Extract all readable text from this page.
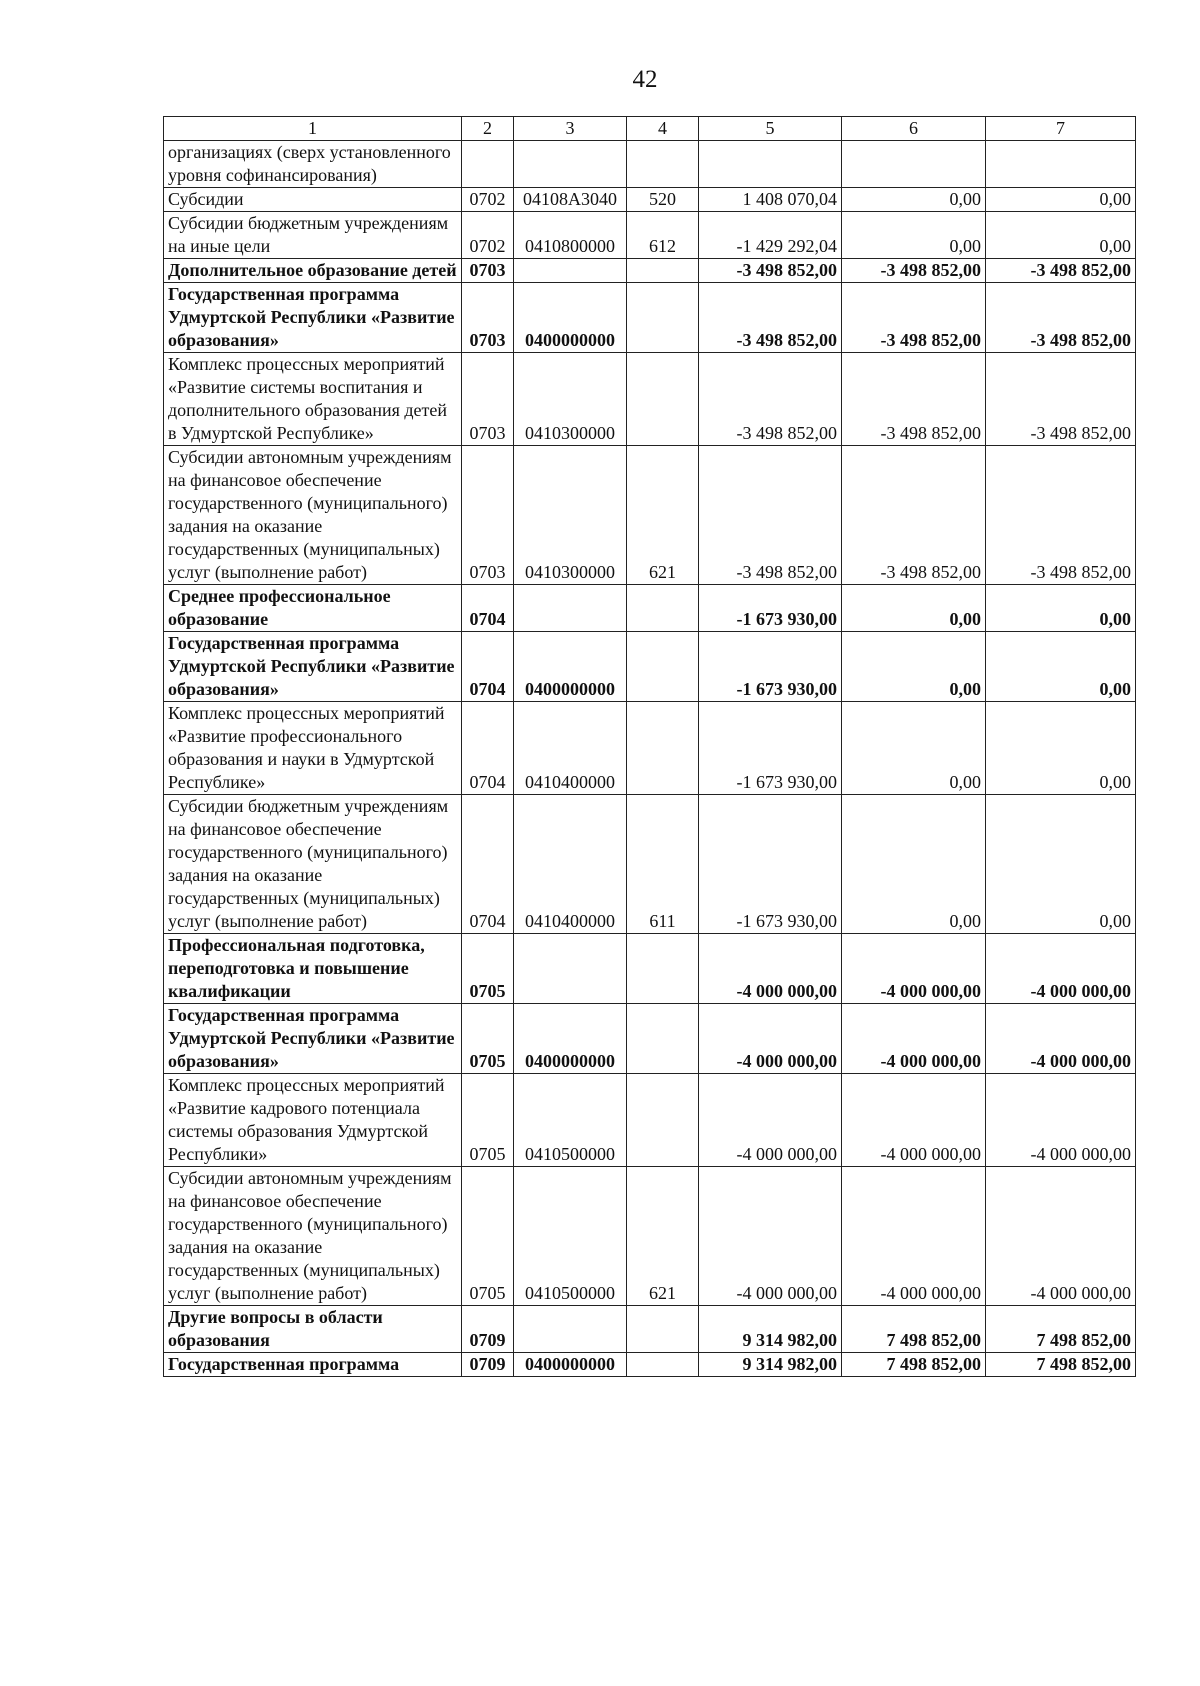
42
1	2	3	4	5	6	7
организациях (сверх установленного уровня софинансирования)						
Субсидии	0702	04108A3040	520	1 408 070,04	0,00	0,00
Субсидии бюджетным учреждениям на иные цели	0702	0410800000	612	-1 429 292,04	0,00	0,00
Дополнительное образование детей	0703			-3 498 852,00	-3 498 852,00	-3 498 852,00
Государственная программа Удмуртской Республики «Развитие образования»	0703	0400000000		-3 498 852,00	-3 498 852,00	-3 498 852,00
Комплекс процессных мероприятий «Развитие системы воспитания и дополнительного образования детей в Удмуртской Республике»	0703	0410300000		-3 498 852,00	-3 498 852,00	-3 498 852,00
Субсидии автономным учреждениям на финансовое обеспечение государственного (муниципального) задания на оказание государственных (муниципальных) услуг (выполнение работ)	0703	0410300000	621	-3 498 852,00	-3 498 852,00	-3 498 852,00
Среднее профессиональное образование	0704			-1 673 930,00	0,00	0,00
Государственная программа Удмуртской Республики «Развитие образования»	0704	0400000000		-1 673 930,00	0,00	0,00
Комплекс процессных мероприятий «Развитие профессионального образования и науки в Удмуртской Республике»	0704	0410400000		-1 673 930,00	0,00	0,00
Субсидии бюджетным учреждениям на финансовое обеспечение государственного (муниципального) задания на оказание государственных (муниципальных) услуг (выполнение работ)	0704	0410400000	611	-1 673 930,00	0,00	0,00
Профессиональная подготовка, переподготовка и повышение квалификации	0705			-4 000 000,00	-4 000 000,00	-4 000 000,00
Государственная программа Удмуртской Республики «Развитие образования»	0705	0400000000		-4 000 000,00	-4 000 000,00	-4 000 000,00
Комплекс процессных мероприятий «Развитие кадрового потенциала системы образования Удмуртской Республики»	0705	0410500000		-4 000 000,00	-4 000 000,00	-4 000 000,00
Субсидии автономным учреждениям на финансовое обеспечение государственного (муниципального) задания на оказание государственных (муниципальных) услуг (выполнение работ)	0705	0410500000	621	-4 000 000,00	-4 000 000,00	-4 000 000,00
Другие вопросы в области образования	0709			9 314 982,00	7 498 852,00	7 498 852,00
Государственная программа	0709	0400000000		9 314 982,00	7 498 852,00	7 498 852,00
